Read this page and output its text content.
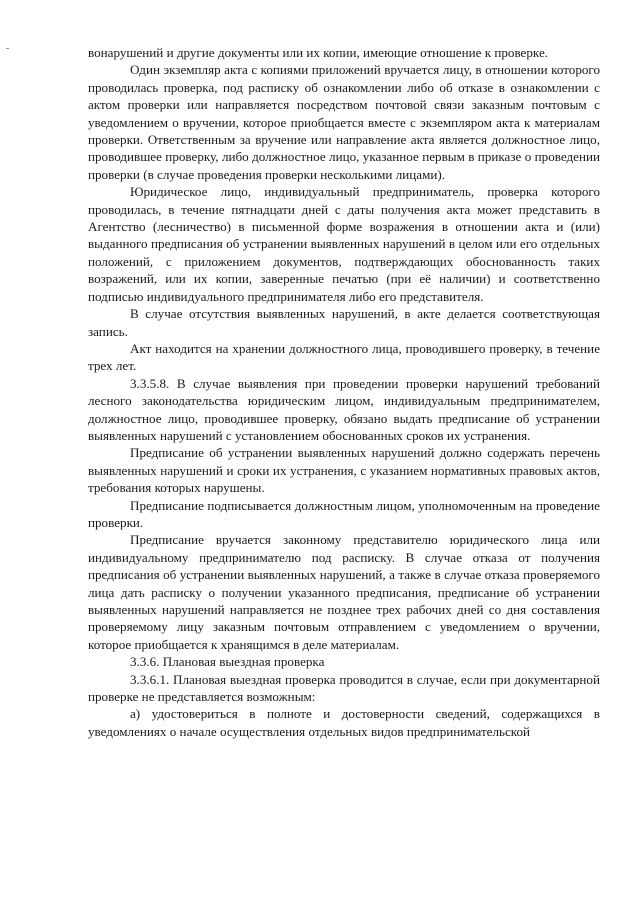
вонарушений и другие документы или их копии, имеющие отношение к проверке.

Один экземпляр акта с копиями приложений вручается лицу, в отношении которого проводилась проверка, под расписку об ознакомлении либо об отказе в ознакомлении с актом проверки или направляется посредством почтовой связи заказным почтовым с уведомлением о вручении, которое приобщается вместе с экземпляром акта к материалам проверки. Ответственным за вручение или направление акта является должностное лицо, проводившее проверку, либо должностное лицо, указанное первым в приказе о проведении проверки (в случае проведения проверки несколькими лицами).

Юридическое лицо, индивидуальный предприниматель, проверка которого проводилась, в течение пятнадцати дней с даты получения акта может представить в Агентство (лесничество) в письменной форме возражения в отношении акта и (или) выданного предписания об устранении выявленных нарушений в целом или его отдельных положений, с приложением документов, подтверждающих обоснованность таких возражений, или их копии, заверенные печатью (при её наличии) и соответственно подписью индивидуального предпринимателя либо его представителя.

В случае отсутствия выявленных нарушений, в акте делается соответствующая запись.

Акт находится на хранении должностного лица, проводившего проверку, в течение трех лет.

3.3.5.8. В случае выявления при проведении проверки нарушений требований лесного законодательства юридическим лицом, индивидуальным предпринимателем, должностное лицо, проводившее проверку, обязано выдать предписание об устранении выявленных нарушений с установлением обоснованных сроков их устранения.

Предписание об устранении выявленных нарушений должно содержать перечень выявленных нарушений и сроки их устранения, с указанием нормативных правовых актов, требования которых нарушены.

Предписание подписывается должностным лицом, уполномоченным на проведение проверки.

Предписание вручается законному представителю юридического лица или индивидуальному предпринимателю под расписку. В случае отказа от получения предписания об устранении выявленных нарушений, а также в случае отказа проверяемого лица дать расписку о получении указанного предписания, предписание об устранении выявленных нарушений направляется не позднее трех рабочих дней со дня составления проверяемому лицу заказным почтовым отправлением с уведомлением о вручении, которое приобщается к хранящимся в деле материалам.

3.3.6. Плановая выездная проверка

3.3.6.1. Плановая выездная проверка проводится в случае, если при документарной проверке не представляется возможным:

а) удостовериться в полноте и достоверности сведений, содержащихся в уведомлениях о начале осуществления отдельных видов предпринимательской
